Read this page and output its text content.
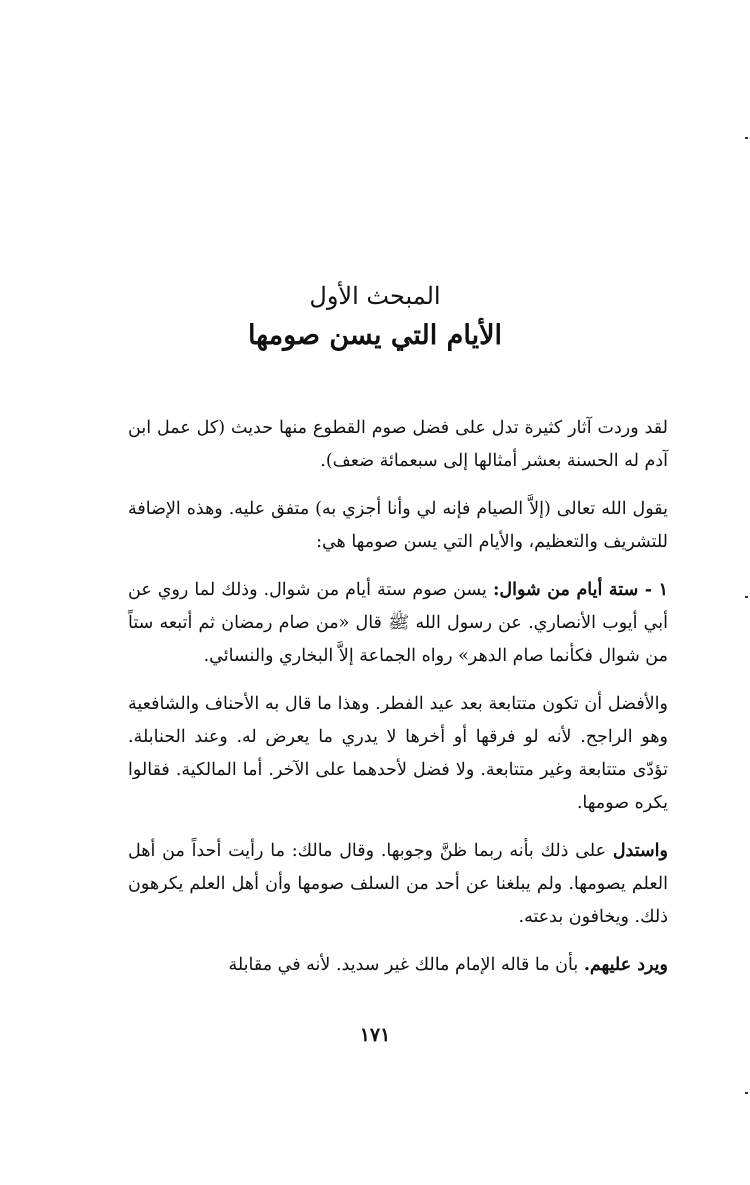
المبحث الأول
الأيام التي يسن صومها

لقد وردت آثار كثيرة تدل على فضل صوم القطوع منها حديث (كل عمل ابن آدم له الحسنة بعشر أمثالها إلى سبعمائة ضعف).

يقول الله تعالى (إلاَّ الصيام فإنه لي وأنا أجزي به) متفق عليه. وهذه الإضافة للتشريف والتعظيم، والأيام التي يسن صومها هي:

١ - ستة أيام من شوال: يسن صوم ستة أيام من شوال. وذلك لما روي عن أبي أيوب الأنصاري. عن رسول الله ﷺ قال «من صام رمضان ثم أتبعه ستاً من شوال فكأنما صام الدهر» رواه الجماعة إلاَّ البخاري والنسائي.

والأفضل أن تكون متتابعة بعد عيد الفطر. وهذا ما قال به الأحناف والشافعية وهو الراجح. لأنه لو فرقها أو أخرها لا يدري ما يعرض له. وعند الحنابلة. تؤدّى متتابعة وغير متتابعة. ولا فضل لأحدهما على الآخر. أما المالكية. فقالوا يكره صومها.

واستدل على ذلك بأنه ربما ظنَّ وجوبها. وقال مالك: ما رأيت أحداً من أهل العلم يصومها. ولم يبلغنا عن أحد من السلف صومها وأن أهل العلم يكرهون ذلك. ويخافون بدعته.

ويرد عليهم. بأن ما قاله الإمام مالك غير سديد. لأنه في مقابلة

١٧١
